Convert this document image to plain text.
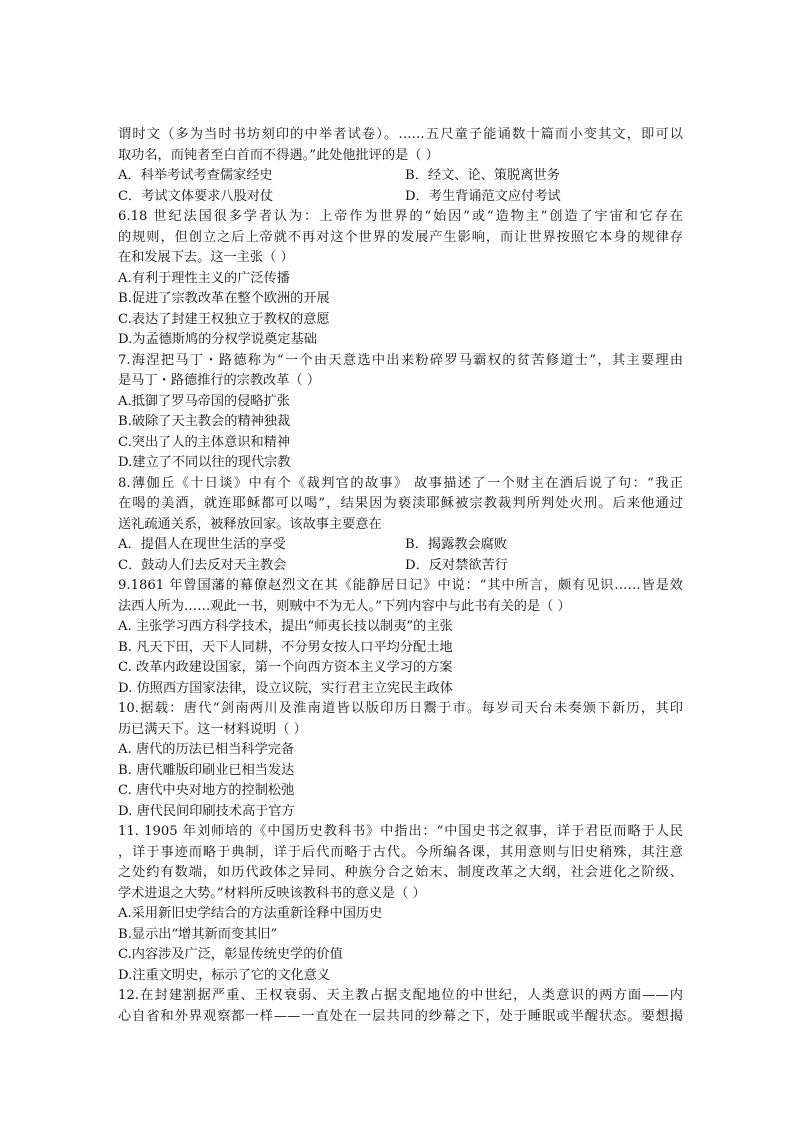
谓时文（多为当时书坊刻印的中举者试卷）。……五尺童子能诵数十篇而小变其文，即可以
取功名，而钝者至白首而不得遇。”此处他批评的是（ ）
A．科举考试考查儒家经史	B．经文、论、策脱离世务
C．考试文体要求八股对仗	D．考生背诵范文应付考试
6.18 世纪法国很多学者认为：上帝作为世界的“始因”或“造物主”创造了宇宙和它存在
的规则，但创立之后上帝就不再对这个世界的发展产生影响，而让世界按照它本身的规律存
在和发展下去。这一主张（ ）
A.有利于理性主义的广泛传播
B.促进了宗教改革在整个欧洲的开展
C.表达了封建王权独立于教权的意愿
D.为孟德斯鸠的分权学说奠定基础
7.海涅把马丁・路德称为“一个由天意选中出来粉碎罗马霸权的贫苦修道士”，其主要理由
是马丁・路德推行的宗教改革（ ）
A.抵御了罗马帝国的侵略扩张
B.破除了天主教会的精神独裁
C.突出了人的主体意识和精神
D.建立了不同以往的现代宗教
8.薄伽丘《十日谈》中有个《裁判官的故事》 故事描述了一个财主在酒后说了句：“我正
在喝的美酒，就连耶稣都可以喝”，结果因为亵渎耶稣被宗教裁判所判处火刑。后来他通过
送礼疏通关系，被释放回家。该故事主要意在
A．提倡人在现世生活的享受	B．揭露教会腐败
C．鼓动人们去反对天主教会	D．反对禁欲苦行
9.1861 年曾国藩的幕僚赵烈文在其《能静居日记》中说：“其中所言，颇有见识……皆是效
法西人所为……观此一书，则贼中不为无人。”下列内容中与此书有关的是（ ）
A. 主张学习西方科学技术，提出“师夷长技以制夷”的主张
B. 凡天下田，天下人同耕，不分男女按人口平均分配土地
C. 改革内政建设国家，第一个向西方资本主义学习的方案
D. 仿照西方国家法律，设立议院，实行君主立宪民主政体
10.据载：唐代“剑南两川及淮南道皆以版印历日鬻于市。每岁司天台未奏颁下新历，其印
历已满天下。这一材料说明（ ）
A. 唐代的历法已相当科学完备
B. 唐代雕版印刷业已相当发达
C. 唐代中央对地方的控制松弛
D. 唐代民间印刷技术高于官方
11. 1905 年刘师培的《中国历史教科书》中指出：“中国史书之叙事，详于君臣而略于人民
，详于事迹而略于典制，详于后代而略于古代。今所编各课，其用意则与旧史稍殊，其注意
之处约有数端，如历代政体之异同、种族分合之始末、制度改革之大纲，社会进化之阶级、
学术进退之大势。”材料所反映该教科书的意义是（ ）
A.采用新旧史学结合的方法重新诠释中国历史
B.显示出“增其新而变其旧”
C.内容涉及广泛，彰显传统史学的价值
D.注重文明史，标示了它的文化意义
12.在封建割据严重、王权衰弱、天主教占据支配地位的中世纪，人类意识的两方面——内
心自省和外界观察都一样——一直处在一层共同的纱幕之下，处于睡眠或半醒状态。要想揭
